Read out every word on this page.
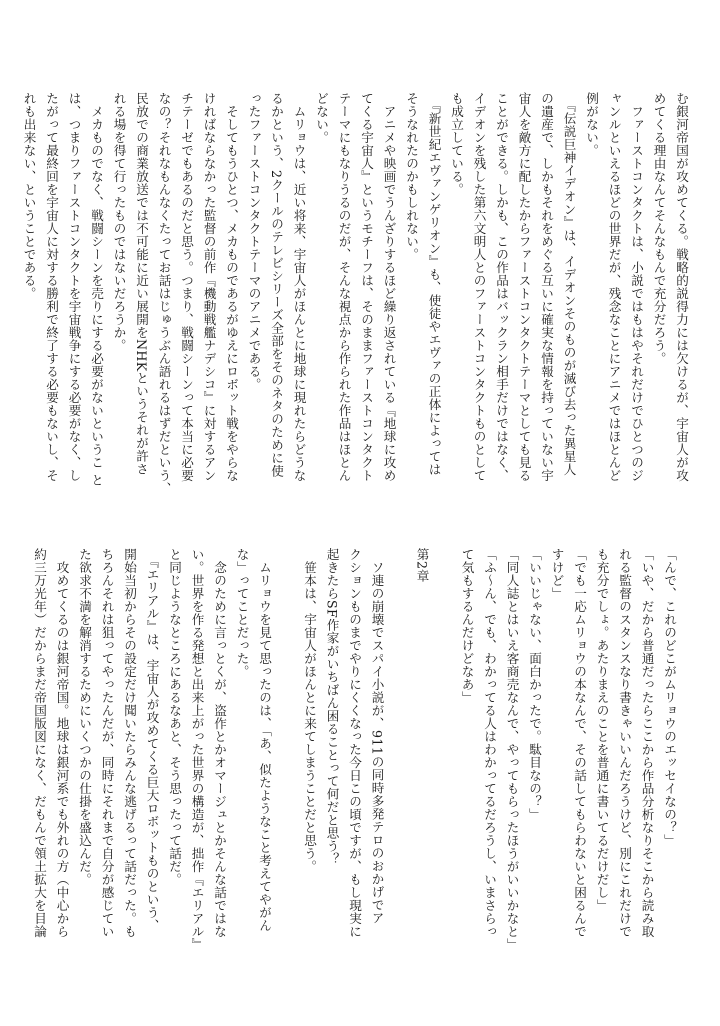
む銀河帝国が攻めてくる。戦略的説得力には欠けるが、宇宙人が攻
めてくる理由なんてそんなもんで充分だろう。
　ファーストコンタクトは、小説ではもはやそれだけでひとつのジ
ャンルといえるほどの世界だが、残念なことにアニメではほとんど
例がない。
　『伝説巨神イデオン』は、イデオンそのものが滅び去った異星人
の遺産で、しかもそれをめぐる互いに確実な情報を持っていない宇
宙人を敵方に配したからファーストコンタクトテーマとしても見る
ことができる。しかも、この作品はバックラン相手だけではなく、
イデオンを残した第六文明人とのファーストコンタクトものとして
も成立している。
　『新世紀エヴァンゲリオン』も、使徒やエヴァの正体によっては
そうなれたのかもしれない。
　アニメや映画でうんざりするほど繰り返されている『地球に攻め
てくる宇宙人』というモチーフは、そのままファーストコンタクト
テーマにもなりうるのだが、そんな視点から作られた作品はほとん
どない。
　ムリョウは、近い将来、宇宙人がほんとに地球に現れたらどうな
るかという、2クールのテレビシリーズ全部をそのネタのために使
ったファーストコンタクトテーマのアニメである。
　そしてもうひとつ、メカものであるがゆえにロボット戦をやらな
ければならなかった監督の前作『機動戦艦ナデシコ』に対するアン
チテーゼでもあるのだと思う。つまり、戦闘シーンって本当に必要
なの？それなもんなくたってお話はじゅうぶん語れるはずだという、
民放での商業放送では不可能に近い展開をNHKというそれが許さ
れる場を得て行ったものではないだろうか。
　メカものでなく、戦闘シーンを売りにする必要がないというこ と
は、つまりファーストコンタクトを宇宙戦争にする必要がなく、し
たがって最終回を宇宙人に対する勝利で終了する必要もないし、そ
れも出来ない、ということである。
「んで、これのどこがムリョウのエッセイなの？」
「いや、だから普通だったらここから作品分析なりそこから読み取
れる監督のスタンスなり書きゃいいんだろうけど、別にこれだけで
も充分でしょ。あたりまえのことを普通に書いてるだけだし」
「でも一応ムリョウの本なんで、その話してもらわないと困るんで
すけど」
「いいじゃない、面白かったで。駄目なの？」
「同人誌とはいえ客商売なんで、やってもらったほうがいいかなと」
「ふ〜ん、でも、わかってる人はわかってるだろうし、いまさらっ
て気もするんだけどなあ」
第2章
　ソ連の崩壊でスパイ小説が、911の同時多発テロのおかげでア
クションものまでやりにくくなった今日この頃ですが、もし現実に
起きたらSF作家がいちばん困ることって何だと思う？
　笹本は、宇宙人がほんとに来てしまうことだと思う。
　ムリョウを見て思ったのは、「あ、似たようなこと考えてやがん
な」ってことだった。
　念のために言っとくが、盗作とかオマージュとかそんな話ではな
い。世界を作る発想と出来上がった世界の構造が、拙作『エリアル』
と同じようなところにあるなあと、そう思ったって話だ。
　『エリアル』は、宇宙人が攻めてくる巨大ロボットものという、
開始当初からその設定だけ聞いたらみんな逃げるって話だった。も
ちろんそれは狙ってやったんだが、同時にそれまで自分が感じてい
た欲求不満を解消するためにいくつかの仕掛を盛込んだ。
　攻めてくるのは銀河帝国。地球は銀河系でも外れの方（中心から
約三万光年）だからまだ帝国版図になく、だもんで領土拡大を目論
